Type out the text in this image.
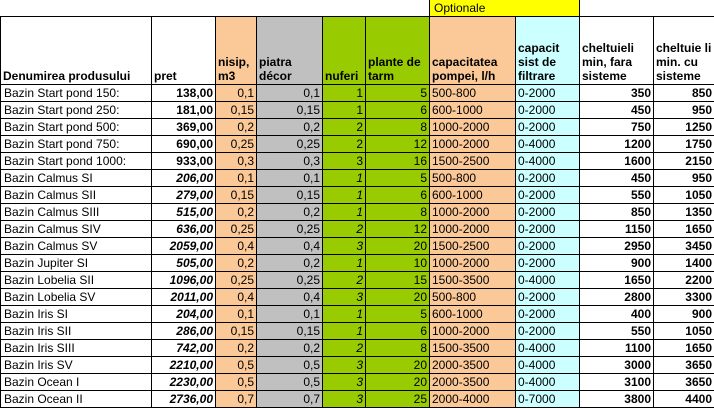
						Optionale			
Denumirea produsului	pret	nisip, m3	piatra décor	nuferi	plante de tarm	capacitatea pompei, l/h	capacit sist de filtrare	cheltuieli min, fara sisteme	cheltuie li min. cu sisteme
Bazin Start pond 150:	138,00	0,1	0,1	1	5	500-800	0-2000	350	850
Bazin Start pond 250:	181,00	0,15	0,15	1	6	600-1000	0-2000	450	950
Bazin Start pond 500:	369,00	0,2	0,2	2	8	1000-2000	0-2000	750	1250
Bazin Start pond 750:	690,00	0,25	0,25	2	12	1000-2000	0-4000	1200	1750
Bazin Start pond 1000:	933,00	0,3	0,3	3	16	1500-2500	0-4000	1600	2150
Bazin Calmus SI	206,00	0,1	0,1	1	5	500-800	0-2000	450	950
Bazin Calmus SII	279,00	0,15	0,15	1	6	600-1000	0-2000	550	1050
Bazin Calmus SIII	515,00	0,2	0,2	1	8	1000-2000	0-2000	850	1350
Bazin Calmus SIV	636,00	0,25	0,25	2	12	1000-2000	0-2000	1150	1650
Bazin Calmus SV	2059,00	0,4	0,4	3	20	1500-2500	0-2000	2950	3450
Bazin Jupiter SI	505,00	0,2	0,2	1	10	1000-2000	0-2000	900	1400
Bazin Lobelia SII	1096,00	0,25	0,25	2	15	1500-3500	0-4000	1650	2200
Bazin Lobelia SV	2011,00	0,4	0,4	3	20	500-800	0-2000	2800	3300
Bazin Iris SI	204,00	0,1	0,1	1	5	600-1000	0-2000	400	900
Bazin Iris SII	286,00	0,15	0,15	1	6	1000-2000	0-2000	550	1050
Bazin Iris SIII	742,00	0,2	0,2	2	8	1500-3500	0-4000	1100	1650
Bazin Iris SV	2210,00	0,5	0,5	3	20	2000-3500	0-4000	3000	3650
Bazin Ocean I	2230,00	0,5	0,5	3	20	2000-3500	0-4000	3100	3650
Bazin Ocean II	2736,00	0,7	0,7	3	25	2000-4000	0-7000	3800	4400
